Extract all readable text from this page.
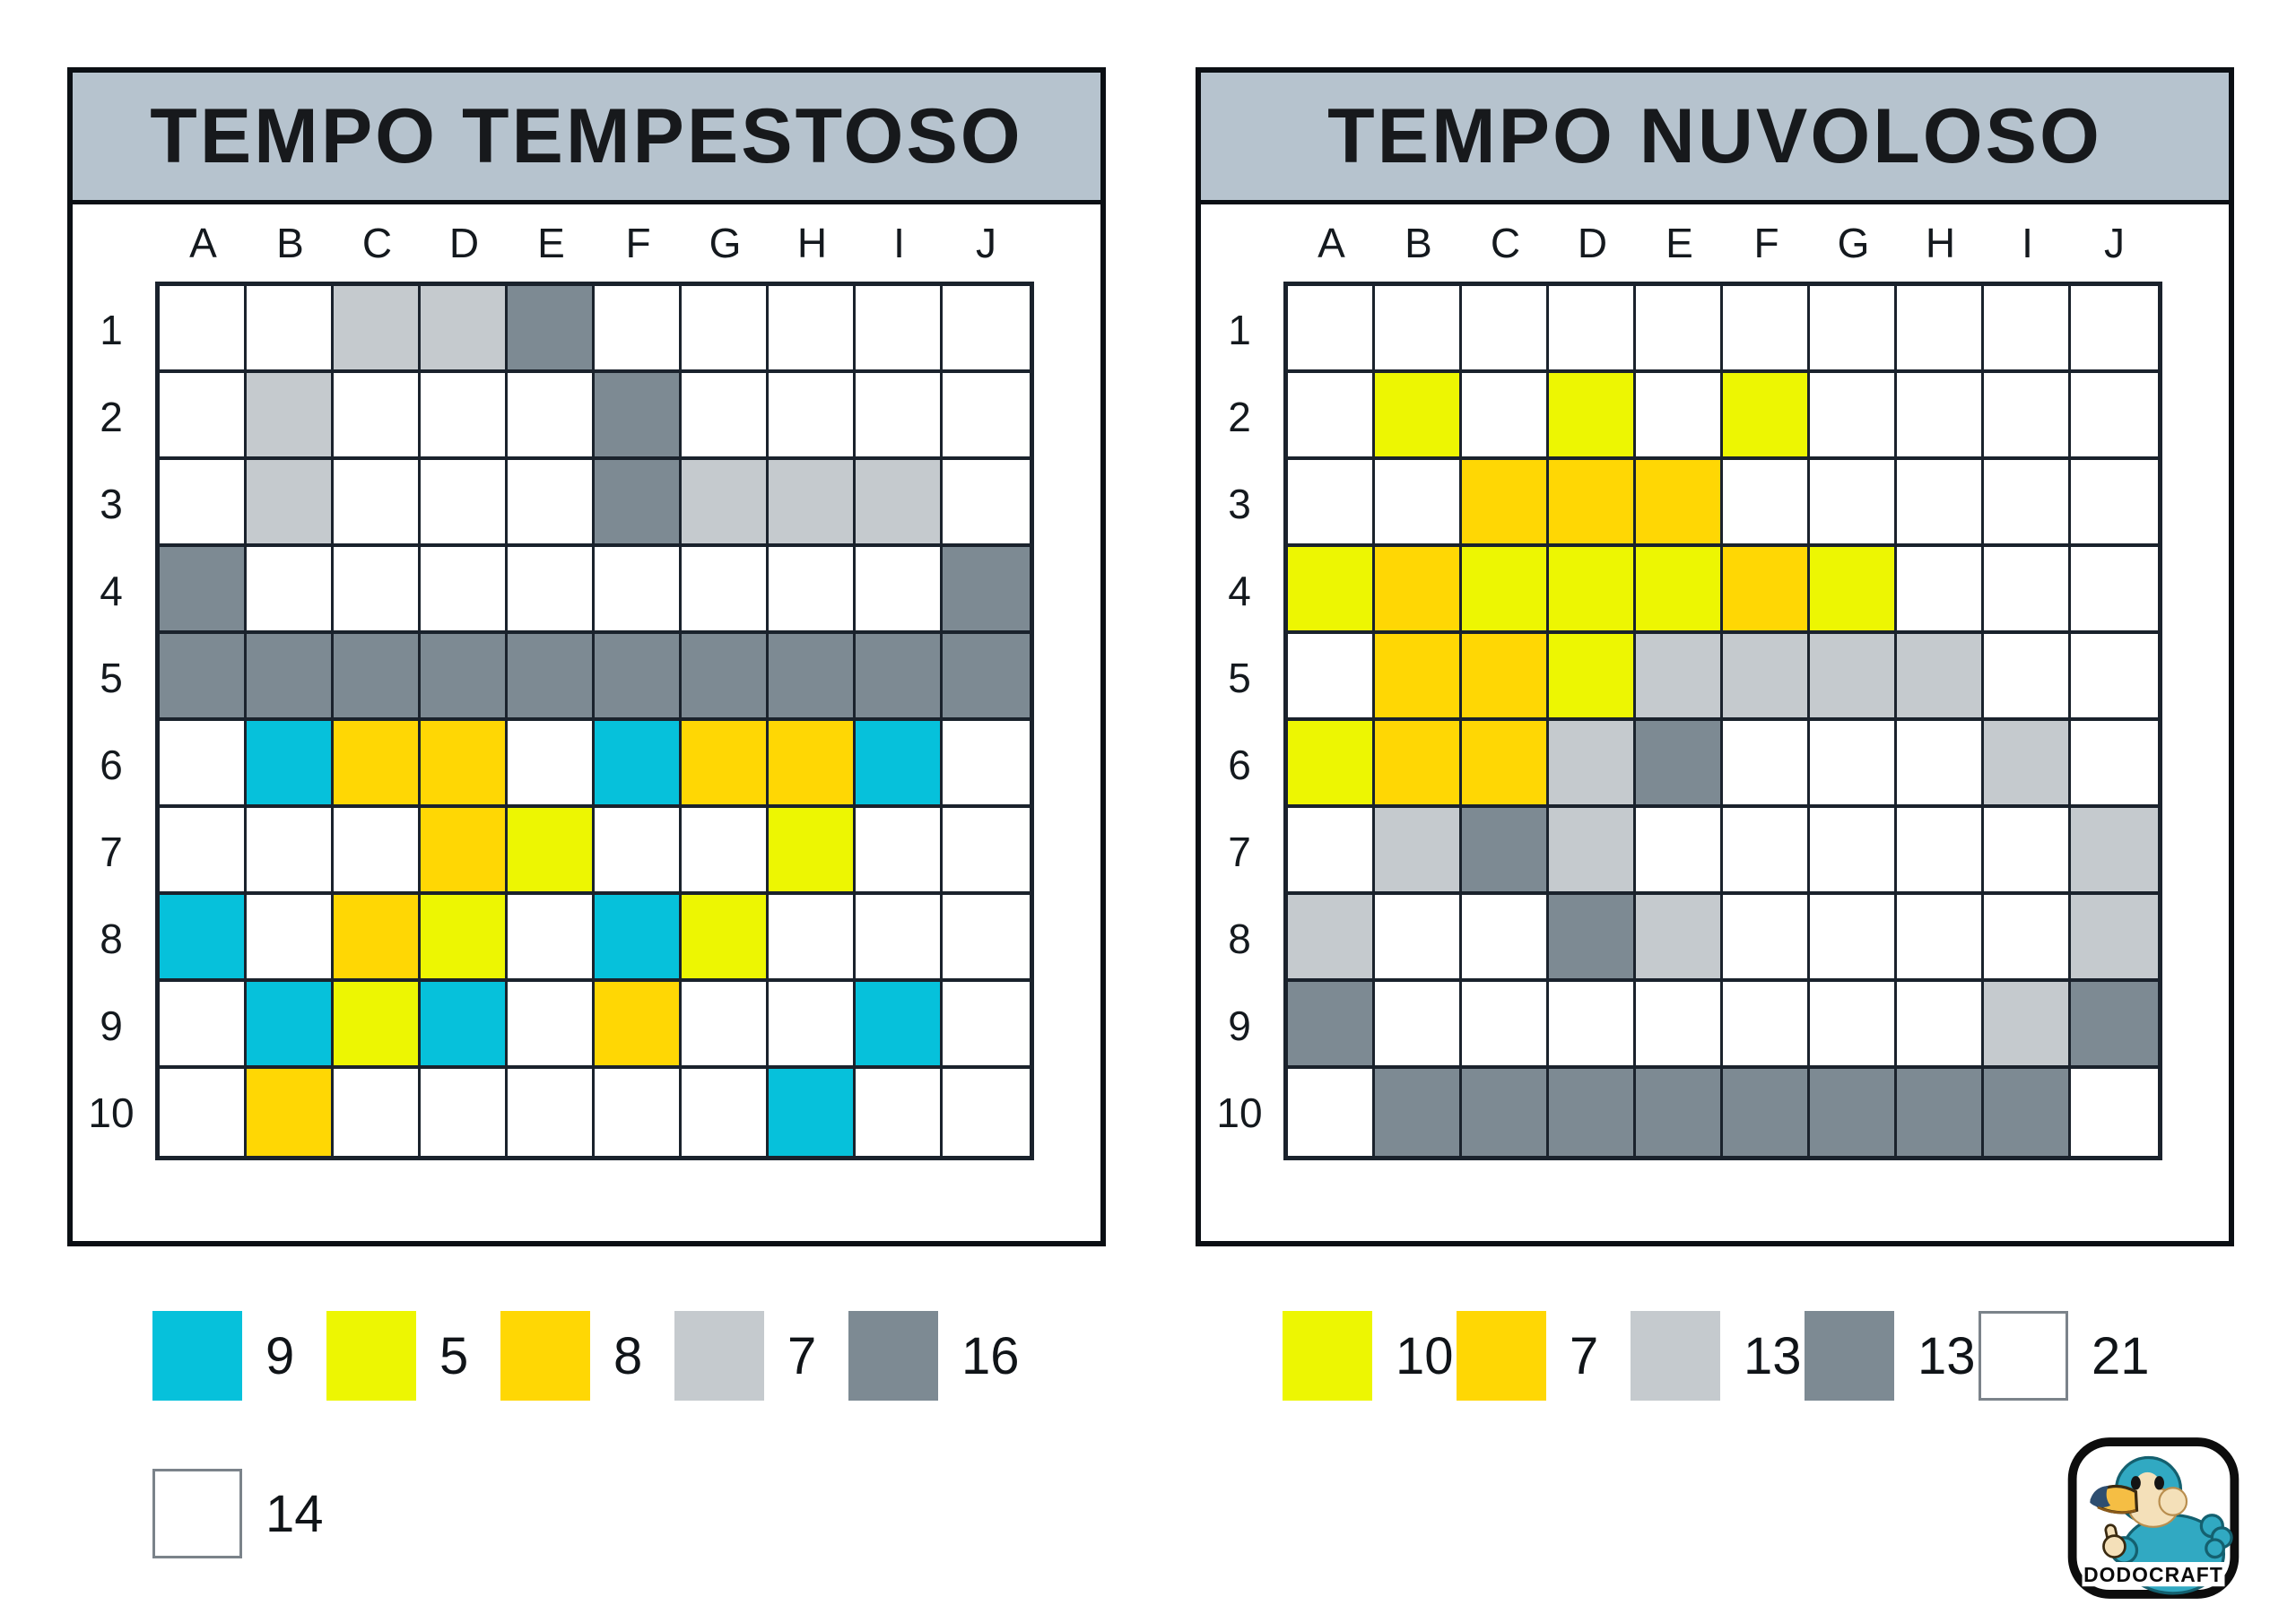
TEMPO TEMPESTOSO
A	B	C	D	E	F	G	H	I	J
1
2
3
4
5
6
7
8
9
10
TEMPO NUVOLOSO
A	B	C	D	E	F	G	H	I	J
1
2
3
4
5
6
7
8
9
10
9	5	8	7	16
14
10 7	13 13 21
DODOCRAFT
